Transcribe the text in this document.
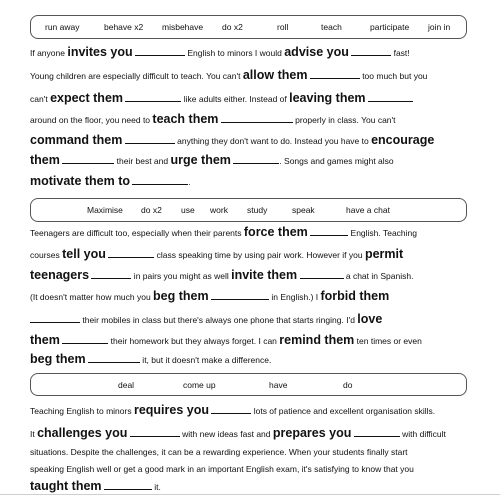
run away	behave x2 misbehave do x2	roll	teach	participate join in
If anyone invites you	English to minors I would advise you	fast!
Young children are especially difficult to teach. You can't allow them	too much but you
can't expect them	like adults either. Instead of leaving them
around on the floor, you need to teach them	properly in class. You can't
command them	anything they don't want to do. Instead you have to encourage
them	their best and urge them	. Songs and games might also
motivate them to	.
Maximise do x2 use work study	speak	have a chat
Teenagers are difficult too, especially when their parents force them	English. Teaching
courses tell you	class speaking time by using pair work. However if you permit
teenagers	in pairs you might as well invite them	a chat in Spanish.
(It doesn't matter how much you beg them	in English.) I forbid them
their mobiles in class but there's always one phone that starts ringing. I'd love
them	their homework but they always forget. I can remind them ten times or even
beg them	it, but it doesn't make a difference.
deal	come up	have	do
Teaching English to minors requires you	lots of patience and excellent organisation skills.
It challenges you	with new ideas fast and prepares you	with difficult
situations. Despite the challenges, it can be a rewarding experience. When your students finally start
speaking English well or get a good mark in an important English exam, it's satisfying to know that you
taught them	it.
